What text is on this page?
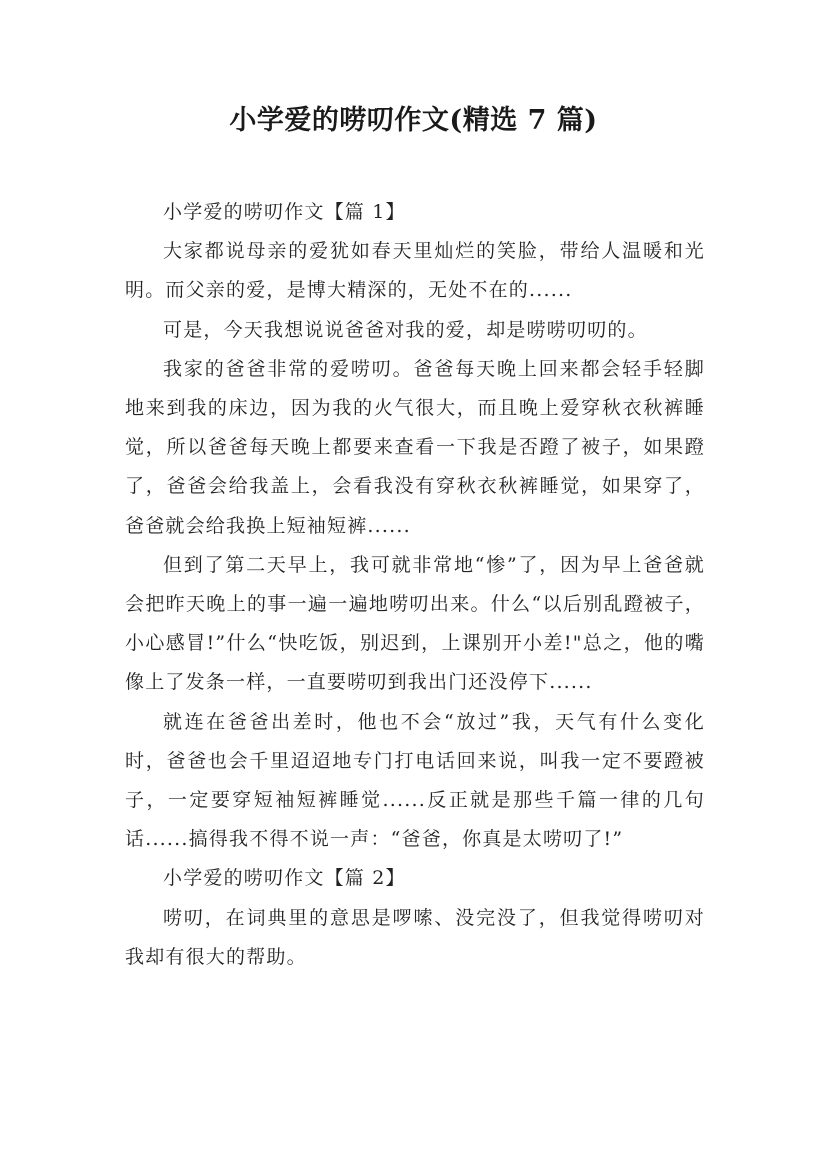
小学爱的唠叨作文(精选 7 篇)

小学爱的唠叨作文【篇 1】

大家都说母亲的爱犹如春天里灿烂的笑脸，带给人温暖和光明。而父亲的爱，是博大精深的，无处不在的......

可是，今天我想说说爸爸对我的爱，却是唠唠叨叨的。

我家的爸爸非常的爱唠叨。爸爸每天晚上回来都会轻手轻脚地来到我的床边，因为我的火气很大，而且晚上爱穿秋衣秋裤睡觉，所以爸爸每天晚上都要来查看一下我是否蹬了被子，如果蹬了，爸爸会给我盖上，会看我没有穿秋衣秋裤睡觉，如果穿了，爸爸就会给我换上短袖短裤......

但到了第二天早上，我可就非常地“惨”了，因为早上爸爸就会把昨天晚上的事一遍一遍地唠叨出来。什么“以后别乱蹬被子，小心感冒!”什么“快吃饭，别迟到，上课别开小差!"总之，他的嘴像上了发条一样，一直要唠叨到我出门还没停下......

就连在爸爸出差时，他也不会“放过”我，天气有什么变化时，爸爸也会千里迢迢地专门打电话回来说，叫我一定不要蹬被子，一定要穿短袖短裤睡觉......反正就是那些千篇一律的几句话......搞得我不得不说一声：“爸爸，你真是太唠叨了!”

小学爱的唠叨作文【篇 2】

唠叨，在词典里的意思是啰嗦、没完没了，但我觉得唠叨对我却有很大的帮助。
